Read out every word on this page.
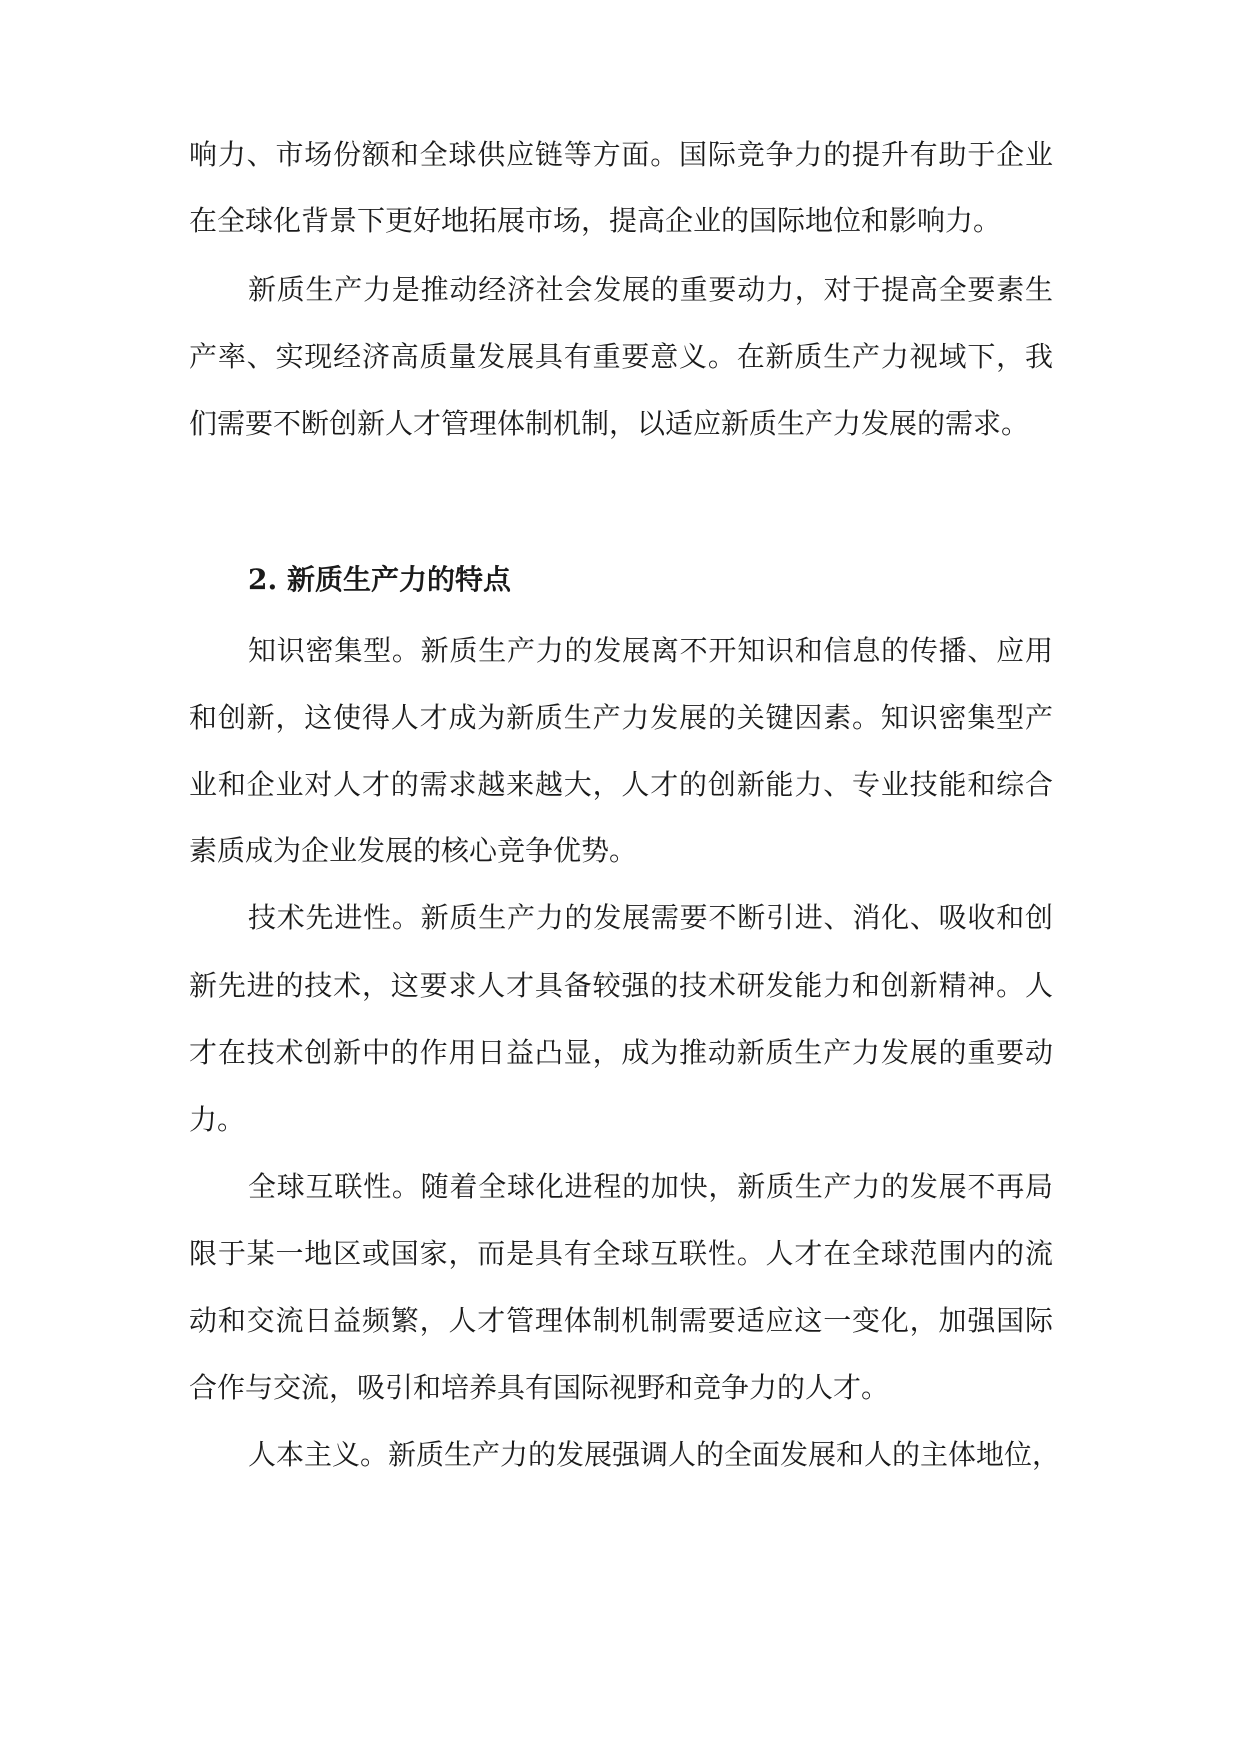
响力、市场份额和全球供应链等方面。国际竞争力的提升有助于企业
在全球化背景下更好地拓展市场，提高企业的国际地位和影响力。
新质生产力是推动经济社会发展的重要动力，对于提高全要素生
产率、实现经济高质量发展具有重要意义。在新质生产力视域下，我
们需要不断创新人才管理体制机制，以适应新质生产力发展的需求。
2. 新质生产力的特点
知识密集型。新质生产力的发展离不开知识和信息的传播、应用
和创新，这使得人才成为新质生产力发展的关键因素。知识密集型产
业和企业对人才的需求越来越大，人才的创新能力、专业技能和综合
素质成为企业发展的核心竞争优势。
技术先进性。新质生产力的发展需要不断引进、消化、吸收和创
新先进的技术，这要求人才具备较强的技术研发能力和创新精神。人
才在技术创新中的作用日益凸显，成为推动新质生产力发展的重要动
力。
全球互联性。随着全球化进程的加快，新质生产力的发展不再局
限于某一地区或国家，而是具有全球互联性。人才在全球范围内的流
动和交流日益频繁，人才管理体制机制需要适应这一变化，加强国际
合作与交流，吸引和培养具有国际视野和竞争力的人才。
人本主义。新质生产力的发展强调人的全面发展和人的主体地位，
